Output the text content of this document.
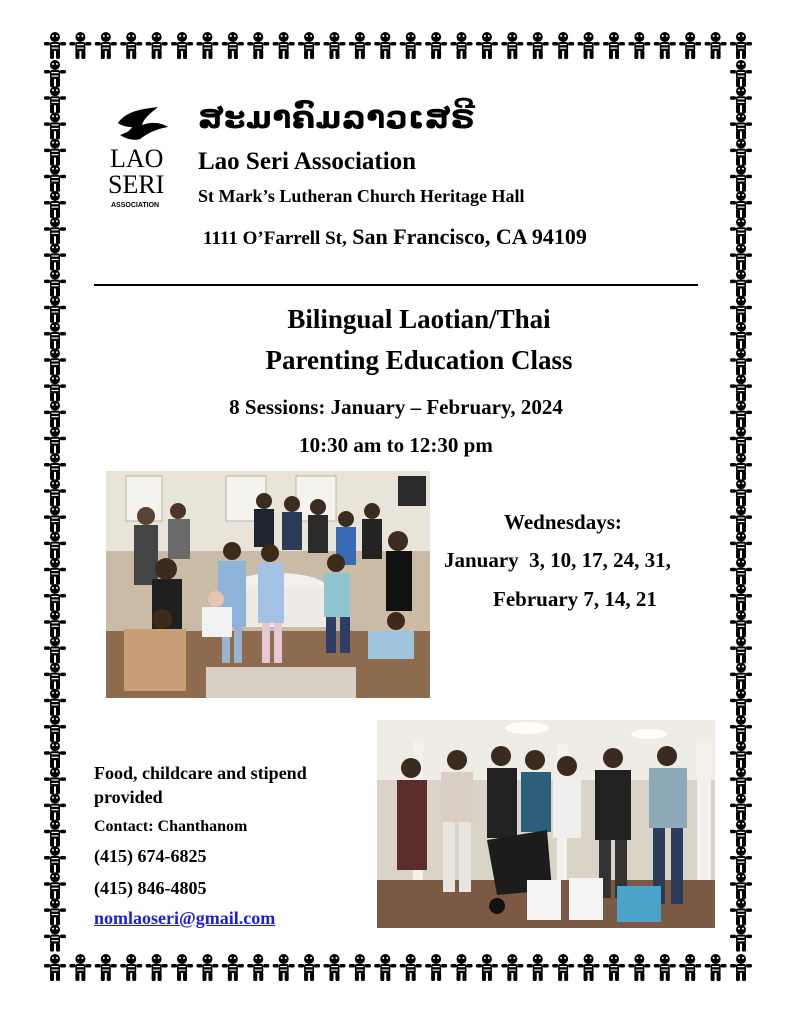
LAO
SERI
ASSOCIATION
ສະມາຄົມລາວເສຣີ
Lao Seri Association
St Mark’s Lutheran Church Heritage Hall
1111 O’Farrell St, San Francisco, CA 94109
Bilingual Laotian/Thai
Parenting Education Class
8 Sessions: January – February, 2024
10:30 am to 12:30 pm
Wednesdays:
January  3, 10, 17, 24, 31,
February 7, 14, 21
Food, childcare and stipend provided
Contact: Chanthanom
(415) 674-6825
(415) 846-4805
nomlaoseri@gmail.com
